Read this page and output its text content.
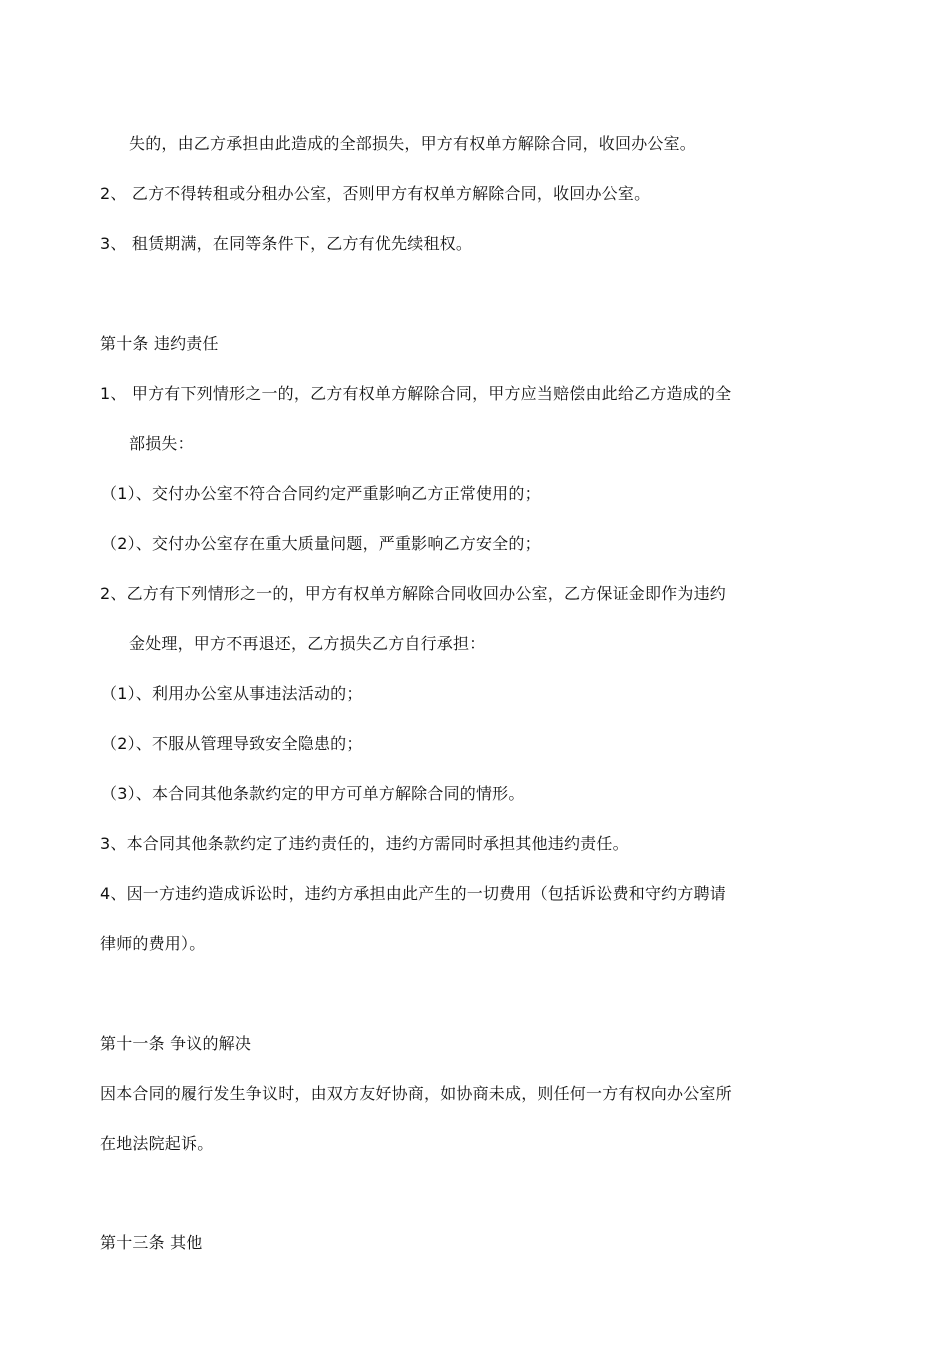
失的，由乙方承担由此造成的全部损失，甲方有权单方解除合同，收回办公室。
2、 乙方不得转租或分租办公室，否则甲方有权单方解除合同，收回办公室。
3、 租赁期满，在同等条件下，乙方有优先续租权。
第十条 违约责任
1、 甲方有下列情形之一的，乙方有权单方解除合同，甲方应当赔偿由此给乙方造成的全
部损失：
（1）、交付办公室不符合合同约定严重影响乙方正常使用的；
（2）、交付办公室存在重大质量问题，严重影响乙方安全的；
2、乙方有下列情形之一的，甲方有权单方解除合同收回办公室，乙方保证金即作为违约
金处理，甲方不再退还，乙方损失乙方自行承担：
（1）、利用办公室从事违法活动的；
（2）、不服从管理导致安全隐患的；
（3）、本合同其他条款约定的甲方可单方解除合同的情形。
3、本合同其他条款约定了违约责任的，违约方需同时承担其他违约责任。
4、因一方违约造成诉讼时，违约方承担由此产生的一切费用（包括诉讼费和守约方聘请
律师的费用）。
第十一条 争议的解决
因本合同的履行发生争议时，由双方友好协商，如协商未成，则任何一方有权向办公室所
在地法院起诉。
第十三条 其他
